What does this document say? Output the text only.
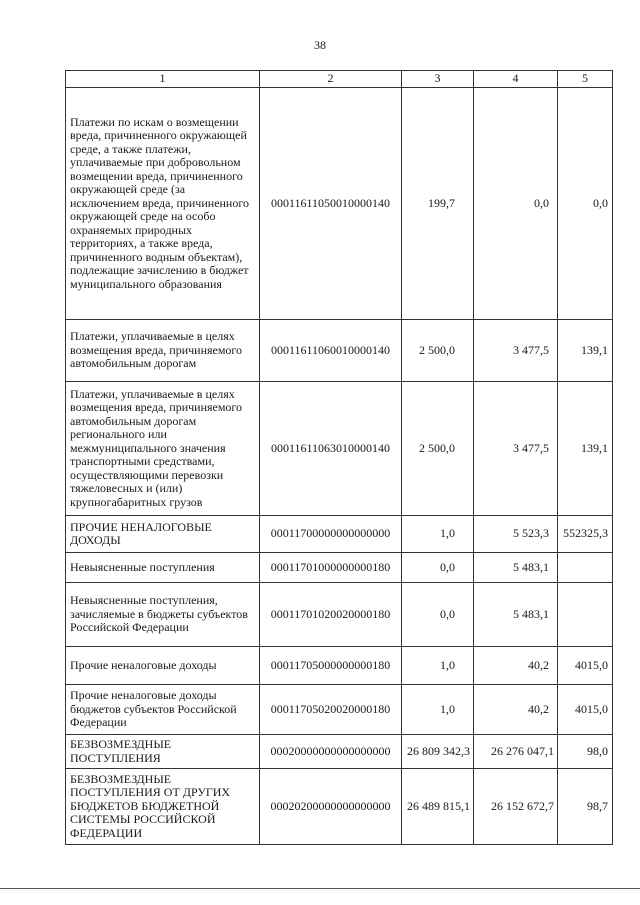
38
1	2	3	4	5
Платежи по искам о возмещении вреда, причиненного окружающей среде, а также платежи, уплачиваемые при добровольном возмещении вреда, причиненного окружающей среде (за исключением вреда, причиненного окружающей среде на особо охраняемых природных территориях, а также вреда, причиненного водным объектам), подлежащие зачислению в бюджет муниципального образования	00011611050010000140	199,7	0,0	0,0
Платежи, уплачиваемые в целях возмещения вреда, причиняемого автомобильным дорогам	00011611060010000140	2 500,0	3 477,5	139,1
Платежи, уплачиваемые в целях возмещения вреда, причиняемого автомобильным дорогам регионального или межмуниципального значения транспортными средствами, осуществляющими перевозки тяжеловесных и (или) крупногабаритных грузов	00011611063010000140	2 500,0	3 477,5	139,1
ПРОЧИЕ НЕНАЛОГОВЫЕ ДОХОДЫ	00011700000000000000	1,0	5 523,3	552325,3
Невыясненные поступления	00011701000000000180	0,0	5 483,1	
Невыясненные поступления, зачисляемые в бюджеты субъектов Российской Федерации	00011701020020000180	0,0	5 483,1	
Прочие неналоговые доходы	00011705000000000180	1,0	40,2	4015,0
Прочие неналоговые доходы бюджетов субъектов Российской Федерации	00011705020020000180	1,0	40,2	4015,0
БЕЗВОЗМЕЗДНЫЕ ПОСТУПЛЕНИЯ	00020000000000000000	26 809 342,3	26 276 047,1	98,0
БЕЗВОЗМЕЗДНЫЕ ПОСТУПЛЕНИЯ ОТ ДРУГИХ БЮДЖЕТОВ БЮДЖЕТНОЙ СИСТЕМЫ РОССИЙСКОЙ ФЕДЕРАЦИИ	00020200000000000000	26 489 815,1	26 152 672,7	98,7
